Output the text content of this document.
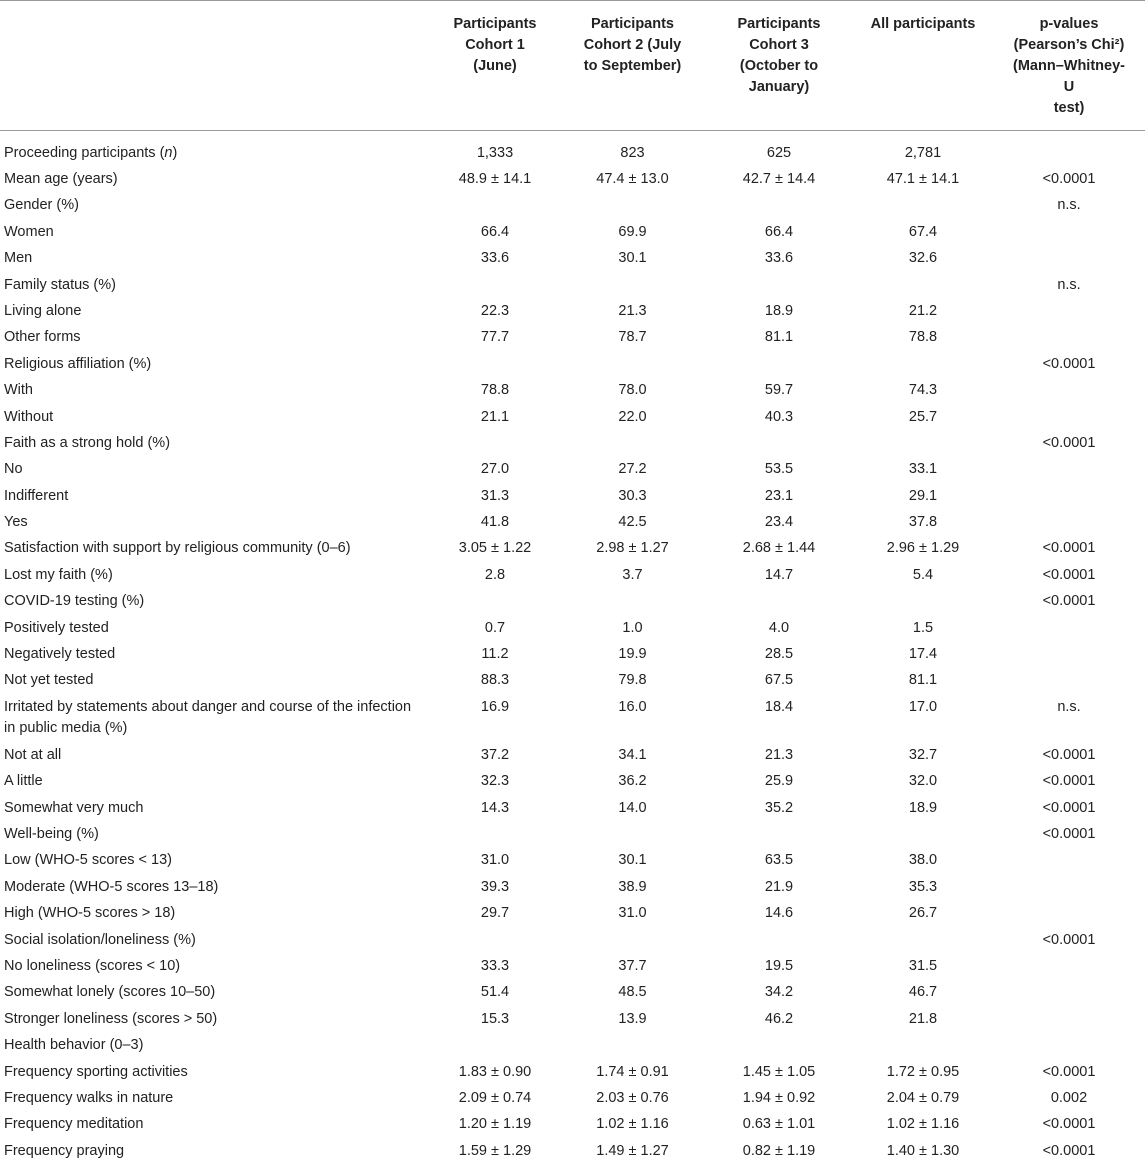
	Participants
Cohort 1
(June)	Participants
Cohort 2 (July
to September)	Participants
Cohort 3
(October to
January)	All participants	p-values
(Pearson’s Chi²)
(Mann–Whitney-
U
test)

Proceeding participants (n)	1,333	823	625	2,781	
Mean age (years)	48.9 ± 14.1	47.4 ± 13.0	42.7 ± 14.4	47.1 ± 14.1	<0.0001
Gender (%)					n.s.
Women	66.4	69.9	66.4	67.4	
Men	33.6	30.1	33.6	32.6	
Family status (%)					n.s.
Living alone	22.3	21.3	18.9	21.2	
Other forms	77.7	78.7	81.1	78.8	
Religious affiliation (%)					<0.0001
With	78.8	78.0	59.7	74.3	
Without	21.1	22.0	40.3	25.7	
Faith as a strong hold (%)					<0.0001
No	27.0	27.2	53.5	33.1	
Indifferent	31.3	30.3	23.1	29.1	
Yes	41.8	42.5	23.4	37.8	
Satisfaction with support by religious community (0–6)	3.05 ± 1.22	2.98 ± 1.27	2.68 ± 1.44	2.96 ± 1.29	<0.0001
Lost my faith (%)	2.8	3.7	14.7	5.4	<0.0001
COVID-19 testing (%)					<0.0001
Positively tested	0.7	1.0	4.0	1.5	
Negatively tested	11.2	19.9	28.5	17.4	
Not yet tested	88.3	79.8	67.5	81.1	
Irritated by statements about danger and course of the infection in public media (%)	16.9	16.0	18.4	17.0	n.s.
Not at all	37.2	34.1	21.3	32.7	<0.0001
A little	32.3	36.2	25.9	32.0	<0.0001
Somewhat very much	14.3	14.0	35.2	18.9	<0.0001
Well-being (%)					<0.0001
Low (WHO-5 scores < 13)	31.0	30.1	63.5	38.0	
Moderate (WHO-5 scores 13–18)	39.3	38.9	21.9	35.3	
High (WHO-5 scores > 18)	29.7	31.0	14.6	26.7	
Social isolation/loneliness (%)					<0.0001
No loneliness (scores < 10)	33.3	37.7	19.5	31.5	
Somewhat lonely (scores 10–50)	51.4	48.5	34.2	46.7	
Stronger loneliness (scores > 50)	15.3	13.9	46.2	21.8	
Health behavior (0–3)					
Frequency sporting activities	1.83 ± 0.90	1.74 ± 0.91	1.45 ± 1.05	1.72 ± 0.95	<0.0001
Frequency walks in nature	2.09 ± 0.74	2.03 ± 0.76	1.94 ± 0.92	2.04 ± 0.79	0.002
Frequency meditation	1.20 ± 1.19	1.02 ± 1.16	0.63 ± 1.01	1.02 ± 1.16	<0.0001
Frequency praying	1.59 ± 1.29	1.49 ± 1.27	0.82 ± 1.19	1.40 ± 1.30	<0.0001
